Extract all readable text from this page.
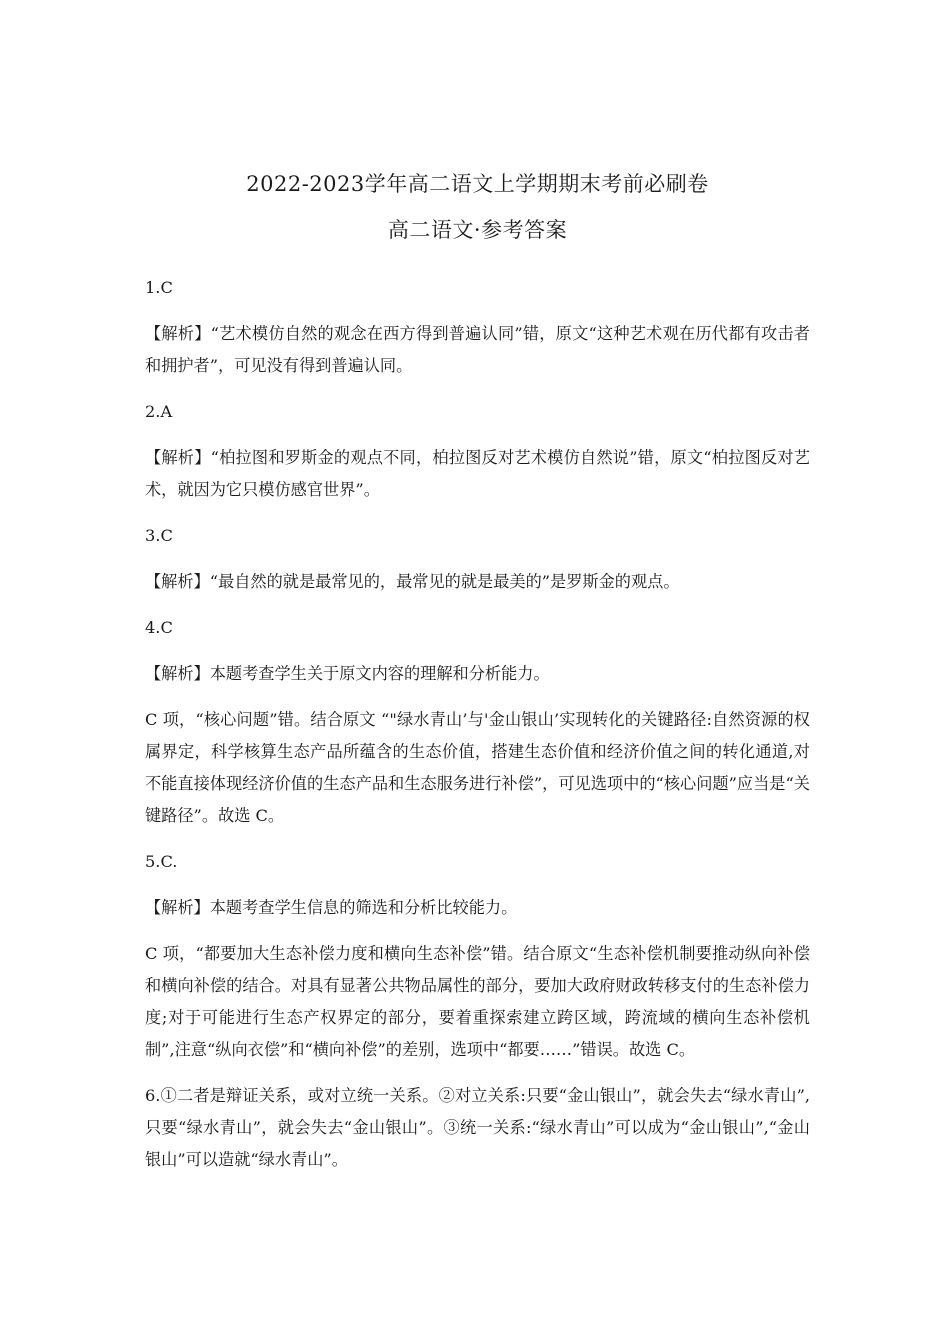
2022-2023学年高二语文上学期期末考前必刷卷
高二语文·参考答案

1.C

【解析】“艺术模仿自然的观念在西方得到普遍认同”错，原文“这种艺术观在历代都有攻击者和拥护者”，可见没有得到普遍认同。

2.A

【解析】“柏拉图和罗斯金的观点不同，柏拉图反对艺术模仿自然说”错，原文“柏拉图反对艺术，就因为它只模仿感官世界”。

3.C

【解析】“最自然的就是最常见的，最常见的就是最美的”是罗斯金的观点。

4.C

【解析】本题考查学生关于原文内容的理解和分析能力。

C 项，“核心问题”错。结合原文 “"绿水青山’与'金山银山’实现转化的关键路径:自然资源的权属界定，科学核算生态产品所蕴含的生态价值，搭建生态价值和经济价值之间的转化通道,对不能直接体现经济价值的生态产品和生态服务进行补偿”，可见选项中的“核心问题”应当是“关键路径”。故选 C。

5.C.

【解析】本题考查学生信息的筛选和分析比较能力。

C 项，“都要加大生态补偿力度和横向生态补偿”错。结合原文“生态补偿机制要推动纵向补偿和横向补偿的结合。对具有显著公共物品属性的部分，要加大政府财政转移支付的生态补偿力度;对于可能进行生态产权界定的部分，要着重探索建立跨区域，跨流域的横向生态补偿机制”,注意“纵向衣偿”和“横向补偿”的差别，选项中“都要……”错误。故选 C。

6.①二者是辩证关系，或对立统一关系。②对立关系:只要“金山银山”，就会失去“绿水青山”,只要“绿水青山”，就会失去“金山银山”。③统一关系:“绿水青山”可以成为“金山银山”,“金山银山”可以造就“绿水青山”。
